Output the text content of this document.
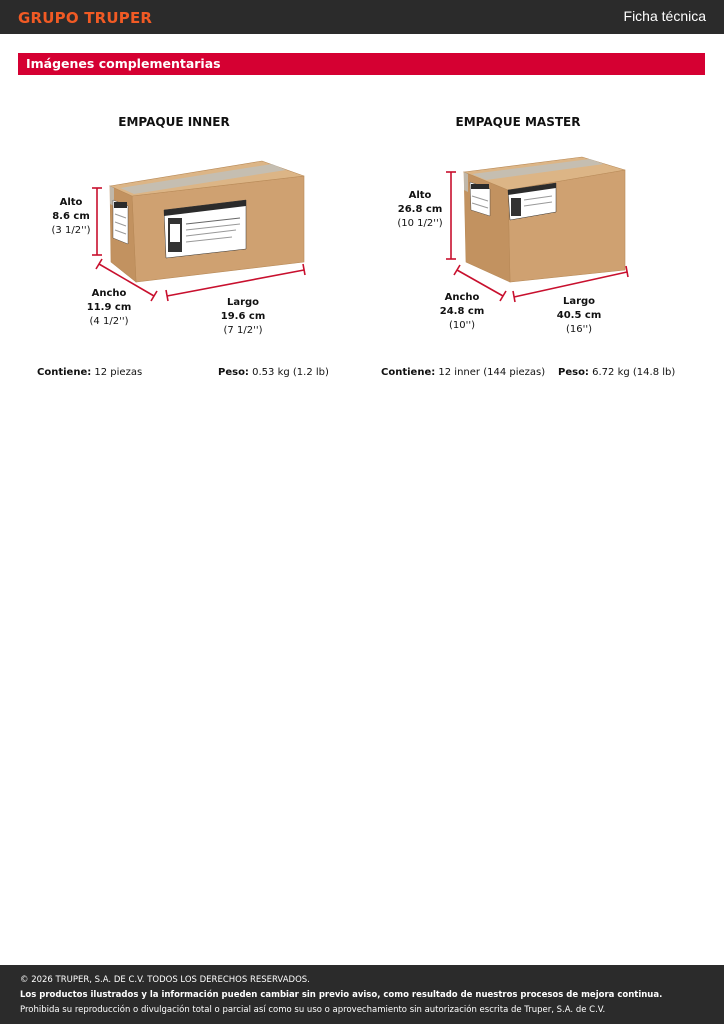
GRUPO TRUPER	Ficha técnica
Imágenes complementarias
EMPAQUE INNER
Alto
8.6 cm
(3 1/2'')
Ancho
11.9 cm
(4 1/2'')
Largo
19.6 cm
(7 1/2'')
Contiene: 12 piezas	Peso: 0.53 kg (1.2 lb)
EMPAQUE MASTER
Alto
26.8 cm
(10 1/2'')
Ancho
24.8 cm
(10'')
Largo
40.5 cm
(16'')
Contiene: 12 inner (144 piezas) Peso: 6.72 kg (14.8 lb)
© 2026 TRUPER, S.A. DE C.V. TODOS LOS DERECHOS RESERVADOS.
Los productos ilustrados y la información pueden cambiar sin previo aviso, como resultado de nuestros procesos de mejora continua.
Prohibida su reproducción o divulgación total o parcial así como su uso o aprovechamiento sin autorización escrita de Truper, S.A. de C.V.
